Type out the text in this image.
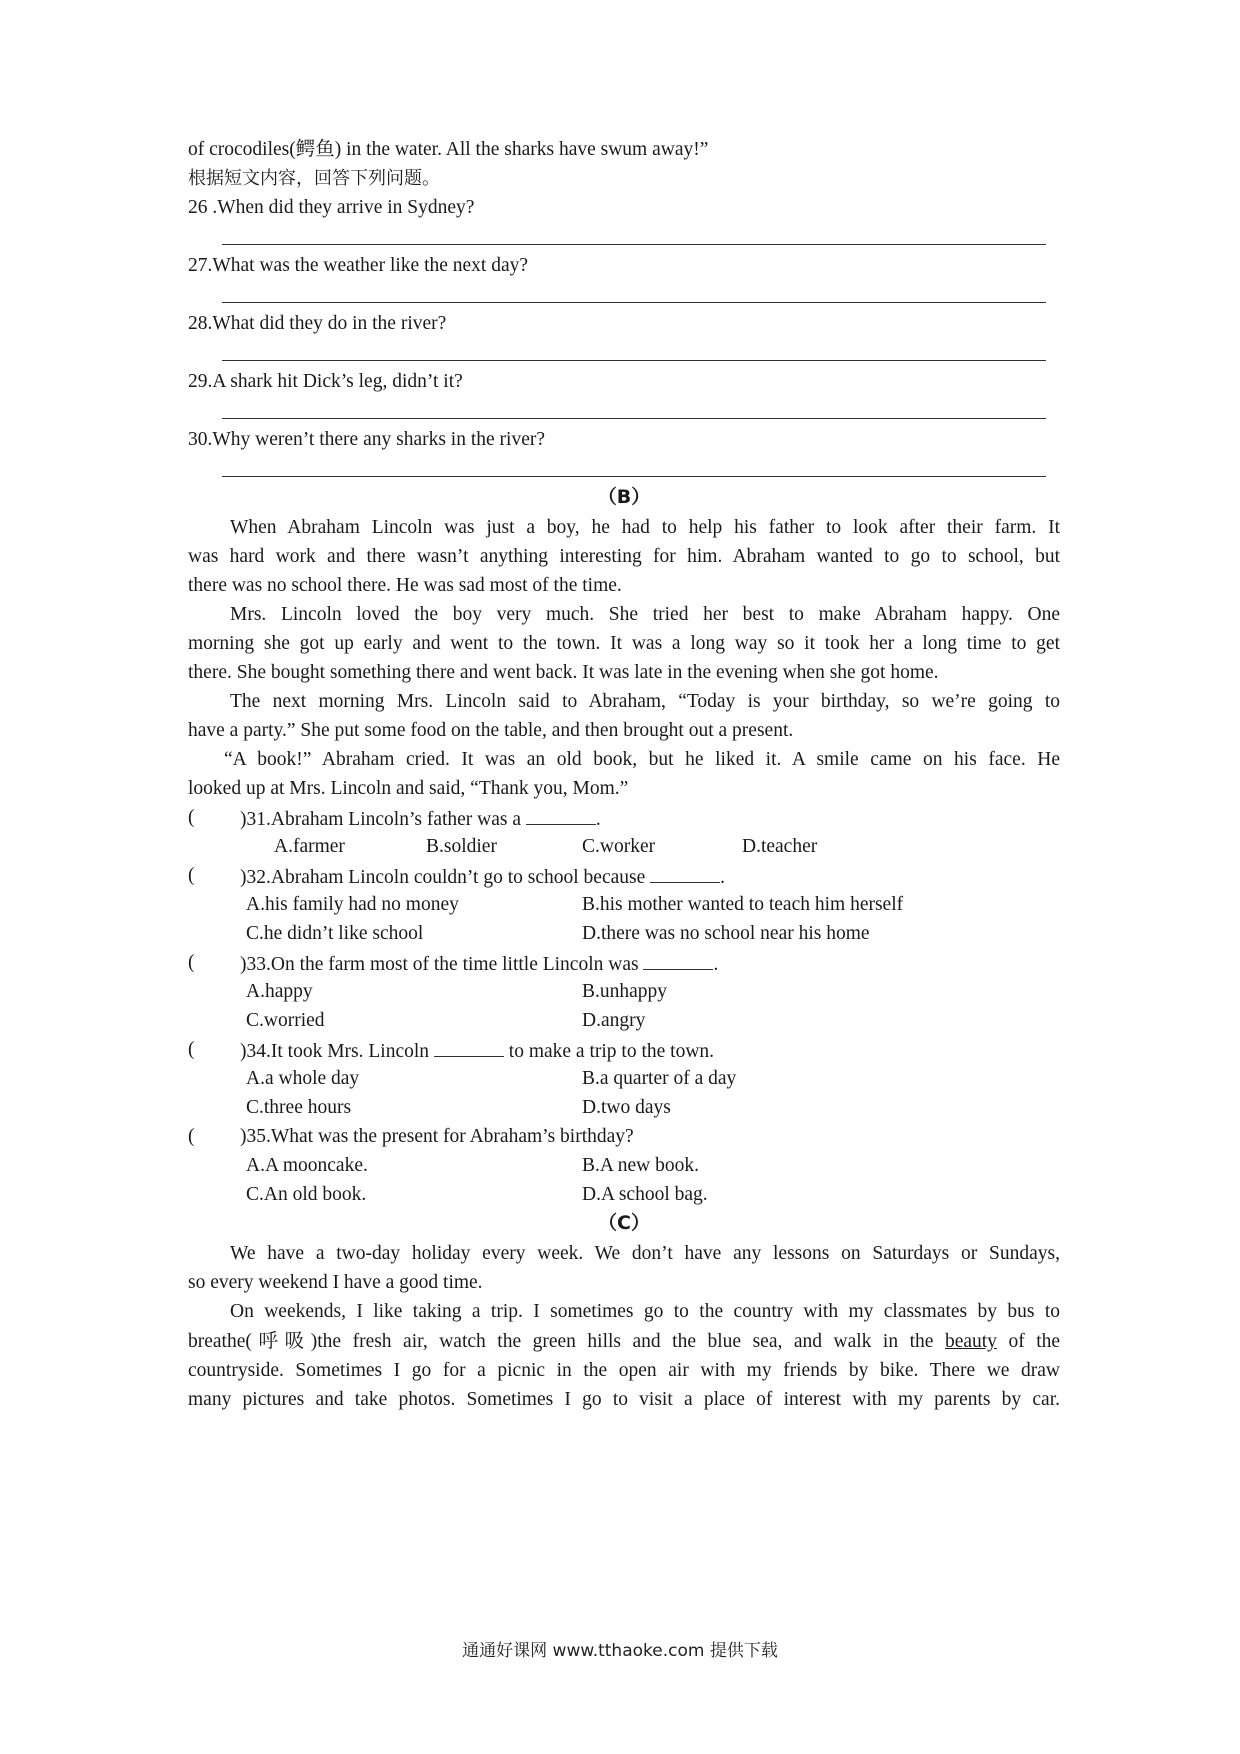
of crocodiles(鳄鱼) in the water. All the sharks have swum away!”
根据短文内容，回答下列问题。
26 .When did they arrive in Sydney?
27.What was the weather like the next day?
28.What did they do in the river?
29.A shark hit Dick’s leg, didn’t it?
30.Why weren’t there any sharks in the river?
（B）
When Abraham Lincoln was just a boy, he had to help his father to look after their farm. It
was hard work and there wasn’t anything interesting for him. Abraham wanted to go to school, but
there was no school there. He was sad most of the time.
Mrs. Lincoln loved the boy very much. She tried her best to make Abraham happy. One
morning she got up early and went to the town. It was a long way so it took her a long time to get
there. She bought something there and went back. It was late in the evening when she got home.
The next morning Mrs. Lincoln said to Abraham, “Today is your birthday, so we’re going to
have a party.” She put some food on the table, and then brought out a present.
“A book!” Abraham cried. It was an old book, but he liked it. A smile came on his face. He
looked up at Mrs. Lincoln and said, “Thank you, Mom.”
( )31.Abraham Lincoln’s father was a	.
A.farmer	B.soldier	C.worker	D.teacher
( )32.Abraham Lincoln couldn’t go to school because	.
A.his family had no money	B.his mother wanted to teach him herself
C.he didn’t like school	D.there was no school near his home
( )33.On the farm most of the time little Lincoln was	.
A.happy	B.unhappy
C.worried	D.angry
( )34.It took Mrs. Lincoln	to make a trip to the town.
A.a whole day	B.a quarter of a day
C.three hours	D.two days
( )35.What was the present for Abraham’s birthday?
A.A mooncake.	B.A new book.
C.An old book.	D.A school bag.
（C）
We have a two-day holiday every week. We don’t have any lessons on Saturdays or Sundays,
so every weekend I have a good time.
On weekends, I like taking a trip. I sometimes go to the country with my classmates by bus to
breathe(呼吸)the fresh air, watch the green hills and the blue sea, and walk in the beauty of the
countryside. Sometimes I go for a picnic in the open air with my friends by bike. There we draw
many pictures and take photos. Sometimes I go to visit a place of interest with my parents by car.
通通好课网 www.tthaoke.com 提供下载
